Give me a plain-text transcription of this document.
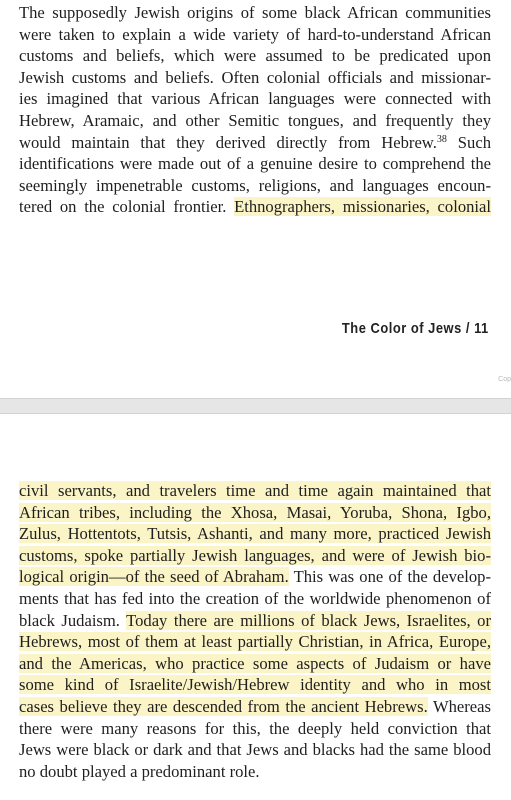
The supposedly Jewish origins of some black African communities
were taken to explain a wide variety of hard-to-understand African
customs and beliefs, which were assumed to be predicated upon
Jewish customs and beliefs. Often colonial officials and missionar-
ies imagined that various African languages were connected with
Hebrew, Aramaic, and other Semitic tongues, and frequently they
would maintain that they derived directly from Hebrew.$^{38}$ Such
identifications were made out of a genuine desire to comprehend the
seemingly impenetrable customs, religions, and languages encoun-
tered on the colonial frontier. Ethnographers, missionaries, colonial
The Color of Jews / 11
Cop
civil servants, and travelers time and time again maintained that
African tribes, including the Xhosa, Masai, Yoruba, Shona, Igbo,
Zulus, Hottentots, Tutsis, Ashanti, and many more, practiced Jewish
customs, spoke partially Jewish languages, and were of Jewish bio-
logical origin—of the seed of Abraham. This was one of the develop-
ments that has fed into the creation of the worldwide phenomenon of
black Judaism. Today there are millions of black Jews, Israelites, or
Hebrews, most of them at least partially Christian, in Africa, Europe,
and the Americas, who practice some aspects of Judaism or have
some kind of Israelite/Jewish/Hebrew identity and who in most
cases believe they are descended from the ancient Hebrews. Whereas
there were many reasons for this, the deeply held conviction that
Jews were black or dark and that Jews and blacks had the same blood
no doubt played a predominant role.
